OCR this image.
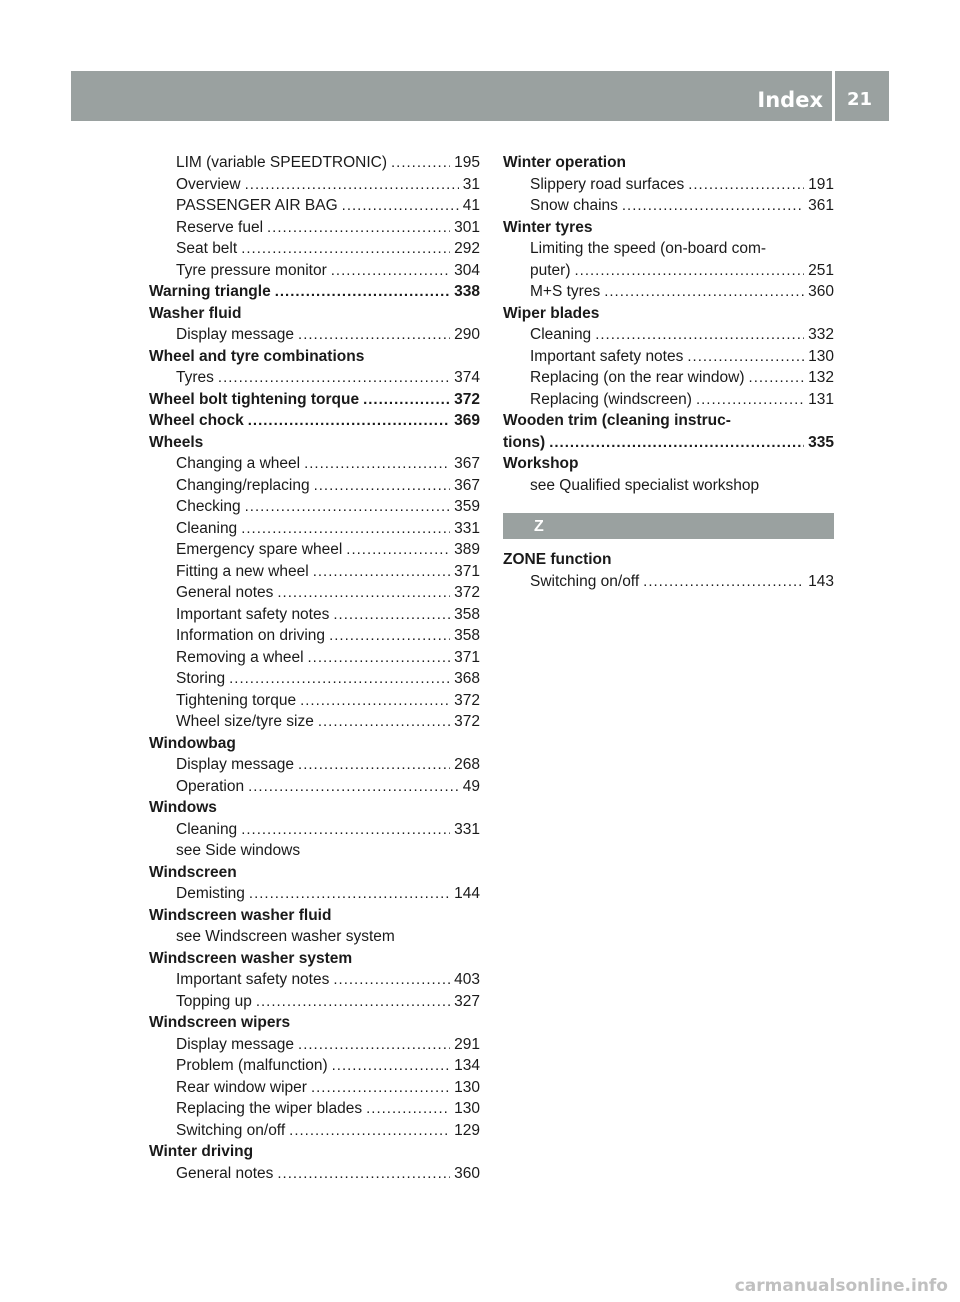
Index 21
LIM (variable SPEEDTRONIC) .....	195
Overview .....	31
PASSENGER AIR BAG .....	41
Reserve fuel .....	301
Seat belt .....	292
Tyre pressure monitor .....	304
Warning triangle .....	338
Washer fluid
Display message .....	290
Wheel and tyre combinations
Tyres .....	374
Wheel bolt tightening torque .....	372
Wheel chock .....	369
Wheels
Changing a wheel .....	367
Changing/replacing .....	367
Checking .....	359
Cleaning .....	331
Emergency spare wheel .....	389
Fitting a new wheel .....	371
General notes .....	372
Important safety notes .....	358
Information on driving .....	358
Removing a wheel .....	371
Storing .....	368
Tightening torque .....	372
Wheel size/tyre size .....	372
Windowbag
Display message .....	268
Operation .....	49
Windows
Cleaning .....	331
see Side windows
Windscreen
Demisting .....	144
Windscreen washer fluid
see Windscreen washer system
Windscreen washer system
Important safety notes .....	403
Topping up .....	327
Windscreen wipers
Display message .....	291
Problem (malfunction) .....	134
Rear window wiper .....	130
Replacing the wiper blades .....	130
Switching on/off .....	129
Winter driving
General notes .....	360
Winter operation
Slippery road surfaces .....	191
Snow chains .....	361
Winter tyres
Limiting the speed (on-board com-
puter) .....	251
M+S tyres .....	360
Wiper blades
Cleaning .....	332
Important safety notes .....	130
Replacing (on the rear window) .....	132
Replacing (windscreen) .....	131
Wooden trim (cleaning instruc-
tions) .....	335
Workshop
see Qualified specialist workshop
Z
ZONE function
Switching on/off .....	143
carmanualsonline.info
